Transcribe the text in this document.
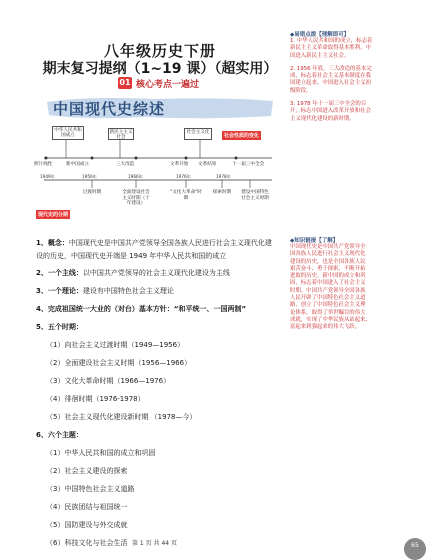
八年级历史下册
期末复习提纲（1~19 课）（超实用）
01 核心考点一遍过
中国现代史综述
中华人民共和国成立
新民主主义社会
社会主义化
社会性质的变化
照片线性	新中国成立	三大改造	文革开始 文革结束	十一届三中全会
1949年	1956年	1966年	1976年	1978年
过渡时期	全面建设社会主义时期（十年建设）
"文化大革命"时期
探索时期 建设中国特色社会主义时期
现代史的分期
1、概念：中国现代史是中国共产党领导全国各族人民进行社会主义现代化建
设的历史，中国现代史开端是 1949 年中华人民共和国的成立
2、一个主线：以中国共产党领导的社会主义现代化建设为主线
3、一个理论：建设有中国特色社会主义理论
4、完成祖国统一大业的（对台）基本方针：“和平统一、一国两制”
5、五个时期：
（1）向社会主义过渡时期（1949—1956）
（2）全面建设社会主义时期（1956—1966）
（3）文化大革命时期（1966—1976）
（4）徘徊时期（1976-1978）
（5）社会主义现代化建设新时期 （1978—今）
6、六个主题：
（1）中华人民共和国的成立和巩固
（2）社会主义建设的探索
（3）中国特色社会主义道路
（4）民族团结与祖国统一
（5）国防建设与外交成就
（6）科技文化与社会生活
◆易错点拨【理解即可】
1. 中华人民共和国的成立，标志着
新民主主义革命取得基本胜利，中
国进入新民主主义社会。
2. 1956 年底，三大改造的基本完
成，标志着社会主义基本制度在我
国建立起来，中国进入社会主义初
级阶段。
3. 1978 年十一届三中全会的召
开，标志中国进入改革开放和社会
主义现代化建设的新时期。
◆知识链接【了解】
中国现代史是中国共产党领导全
国各族人民进行社会主义现代化
建设的历史，也是全国各族人民
艰苦奋斗、勇于探索、不断开拓
进取的历史。新中国的成立和巩
固，标志着中国进入了社会主义
时期。中国共产党领导全国各族
人民开辟了中国特色社会主义道
路，创立了中国特色社会主义理
论体系，取得了举世瞩目的伟大
成就，实现了中华民族从站起来、
富起来到强起来的伟大飞跃。
第 1 页 共 44 页	65
